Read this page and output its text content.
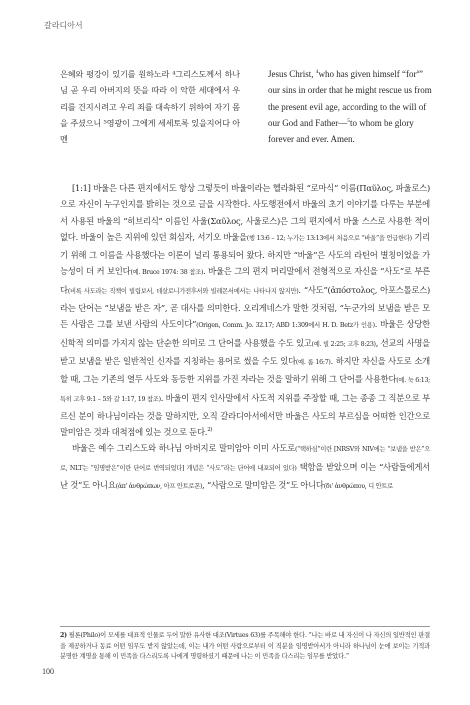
갈라디아서
은혜와 평강이 있기를 원하노라 ⁴그리스도께서 하나님 곧 우리 아버지의 뜻을 따라 이 악한 세대에서 우리를 건지시려고 우리 죄를 대속하기 위하여 자기 몸을 주셨으니 ⁵영광이 그에게 세세토록 있을지어다 아멘
Jesus Christ, $^4$who has given himself “for$^a$” our sins in order that he might rescue us from the present evil age, according to the will of our God and Father—$^5$to whom be glory forever and ever. Amen.

[1:1] 바울은 다른 편지에서도 항상 그렇듯이 바울이라는 헬라화된 “로마식” 이름(Παῦλος, 파울로스)으로 자신이 누구인지를 밝히는 것으로 글을 시작한다. 사도행전에서 바울의 초기 이야기를 다루는 부분에서 사용된 바울의 “히브리식” 이름인 사울(Σαῦλος, 사울로스)은 그의 편지에서 바울 스스로 사용한 적이 없다. 바울이 높은 지위에 있던 회심자, 서기오 바울을(행 13:6 – 12; 누가는 13:13에서 처음으로 “바울”을 언급한다) 기리기 위해 그 이름을 사용했다는 이론이 널리 통용되어 왔다. 하지만 “바울”은 사도의 라틴어 별칭이었을 가능성이 더 커 보인다(예. Bruce 1974: 38 참조). 바울은 그의 편지 머리말에서 전형적으로 자신을 “사도”로 부른다(비록 사도라는 직책이 빌립보서, 데살로니가전후서와 빌레몬서에서는 나타나지 않지만). “사도”(ἀπόστολος, 아포스톨로스)라는 단어는 “보냄을 받은 자”, 곧 대사를 의미한다. 오리게네스가 말한 것처럼, “누군가의 보냄을 받은 모든 사람은 그를 보낸 사람의 사도이다”(Origen, Comm. Jo. 32.17; ABD 1:309에서 H. D. Betz가 인용). 바울은 상당한 신학적 의미를 가지지 않는 단순한 의미로 그 단어를 사용했을 수도 있고(예. 빌 2:25; 고후 8:23), 선교의 사명을 받고 보냄을 받은 일반적인 신자를 지칭하는 용어로 썼을 수도 있다(예. 롬 16:7). 하지만 자신을 사도로 소개할 때, 그는 기존의 열두 사도와 동등한 지위를 가진 자라는 것을 말하기 위해 그 단어를 사용한다(예. 눅 6:13; 특히 고후 9:1 – 5와 갈 1:17, 19 참조). 바울이 편지 인사말에서 사도적 지위를 주장할 때, 그는 종종 그 직분으로 부르신 분이 하나님이라는 것을 말하지만, 오직 갈라디아서에서만 바울은 사도의 부르심을 어떠한 인간으로 말미암은 것과 대척점에 있는 것으로 둔다.$^{2)}$

바울은 예수 그리스도와 하나님 아버지로 말미암아 이미 사도로(“택하심”이란 [NRSV와 NIV에는 “보냄을 받은”으로, NLT는 “임명받은”이란 단어로 번역되었다] 개념은 “사도”라는 단어에 내포되어 있다) 택함을 받았으며 이는 “사람들에게서 난 것”도 아니요(ἀπ' ἀνθρώπων, 아프 안트로폰), “사람으로 말미암은 것”도 아니다(δι' ἀνθρώπου, 디 안트로

2) 필론(Philo)이 모세를 대표적 인물로 두어 말한 유사한 대조(Virtues 63)를 주목해야 한다. “나는 바로 내 자신이 나 자신의 일반적인 판결을 제공하거나 동료 어떤 임무도 받지 않았는데, 이는 내가 어떤 사람으로부터 이 직분을 임명받아서가 아니라 하나님이 눈에 보이는 기적과 분명한 계명을 통해 이 민족을 다스리도록 나에게 명령하셨기 때문에 나는 이 민족을 다스리는 임무를 받았다.”
100
